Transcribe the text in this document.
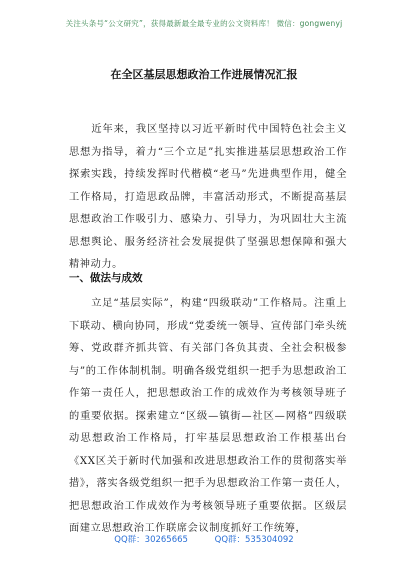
关注头条号“公文研究”，获得最新最全最专业的公文资料库！ 微信：gongwenyj
在全区基层思想政治工作进展情况汇报
近年来，我区坚持以习近平新时代中国特色社会主义思想为指导，着力“三个立足”扎实推进基层思想政治工作探索实践，持续发挥时代楷模“老马”先进典型作用，健全工作格局，打造思政品牌，丰富活动形式，不断提高基层思想政治工作吸引力、感染力、引导力，为巩固壮大主流思想舆论、服务经济社会发展提供了坚强思想保障和强大精神动力。
一、做法与成效
立足“基层实际”，构建“四级联动”工作格局。注重上下联动、横向协同，形成“党委统一领导、宣传部门牵头统筹、党政群齐抓共管、有关部门各负其责、全社会积极参与”的工作体制机制。明确各级党组织一把手为思想政治工作第一责任人，把思想政治工作的成效作为考核领导班子的重要依据。探索建立“区级—镇街—社区—网格”四级联动思想政治工作格局，打牢基层思想政治工作根基出台《XX区关于新时代加强和改进思想政治工作的贯彻落实举措》，落实各级党组织一把手为思想政治工作第一责任人，把思想政治工作成效作为考核领导班子重要依据。区级层面建立思想政治工作联席会议制度抓好工作统筹，
QQ群：30265665	QQ群：535304092
